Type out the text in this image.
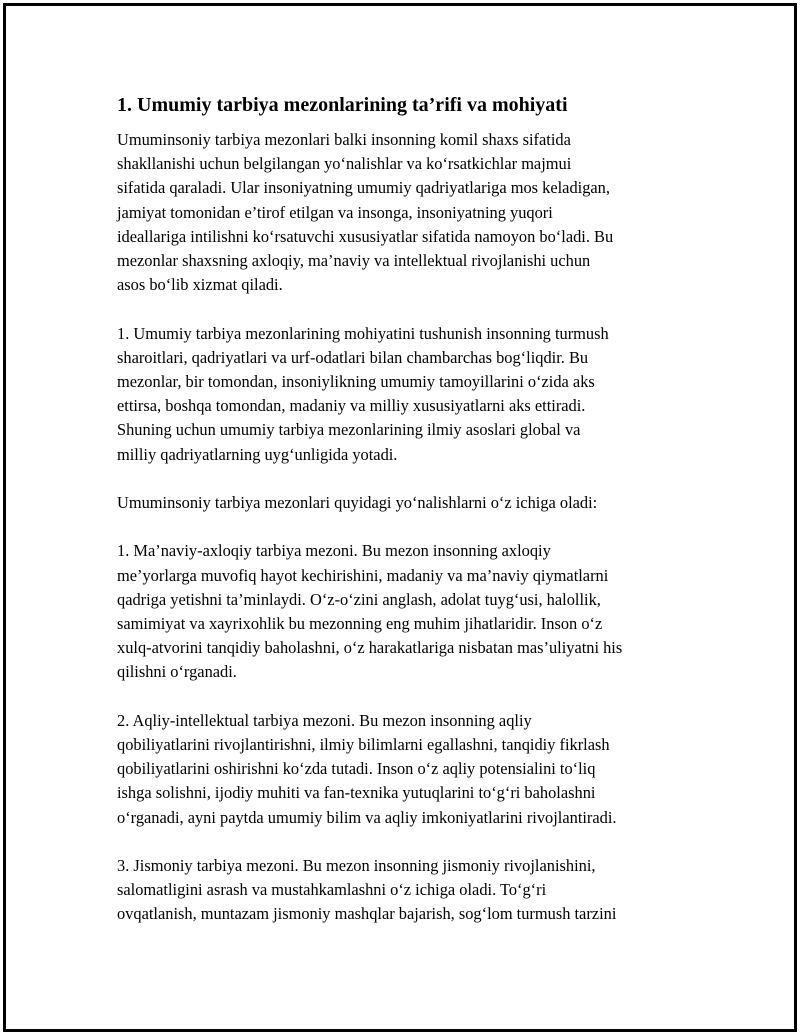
1. Umumiy tarbiya mezonlarining ta’rifi va mohiyati

Umuminsoniy tarbiya mezonlari balki insonning komil shaxs sifatida
shakllanishi uchun belgilangan yoʻnalishlar va koʻrsatkichlar majmui
sifatida qaraladi. Ular insoniyatning umumiy qadriyatlariga mos keladigan,
jamiyat tomonidan e’tirof etilgan va insonga, insoniyatning yuqori
ideallariga intilishni koʻrsatuvchi xususiyatlar sifatida namoyon boʻladi. Bu
mezonlar shaxsning axloqiy, ma’naviy va intellektual rivojlanishi uchun
asos boʻlib xizmat qiladi.

1. Umumiy tarbiya mezonlarining mohiyatini tushunish insonning turmush
sharoitlari, qadriyatlari va urf-odatlari bilan chambarchas bogʻliqdir. Bu
mezonlar, bir tomondan, insoniylikning umumiy tamoyillarini oʻzida aks
ettirsa, boshqa tomondan, madaniy va milliy xususiyatlarni aks ettiradi.
Shuning uchun umumiy tarbiya mezonlarining ilmiy asoslari global va
milliy qadriyatlarning uygʻunligida yotadi.

Umuminsoniy tarbiya mezonlari quyidagi yoʻnalishlarni oʻz ichiga oladi:

1. Ma’naviy-axloqiy tarbiya mezoni. Bu mezon insonning axloqiy
me’yorlarga muvofiq hayot kechirishini, madaniy va ma’naviy qiymatlarni
qadriga yetishni ta’minlaydi. Oʻz-oʻzini anglash, adolat tuygʻusi, halollik,
samimiyat va xayrixohlik bu mezonning eng muhim jihatlaridir. Inson oʻz
xulq-atvorini tanqidiy baholashni, oʻz harakatlariga nisbatan mas’uliyatni his
qilishni oʻrganadi.

2. Aqliy-intellektual tarbiya mezoni. Bu mezon insonning aqliy
qobiliyatlarini rivojlantirishni, ilmiy bilimlarni egallashni, tanqidiy fikrlash
qobiliyatlarini oshirishni koʻzda tutadi. Inson oʻz aqliy potensialini toʻliq
ishga solishni, ijodiy muhiti va fan-texnika yutuqlarini toʻgʻri baholashni
oʻrganadi, ayni paytda umumiy bilim va aqliy imkoniyatlarini rivojlantiradi.

3. Jismoniy tarbiya mezoni. Bu mezon insonning jismoniy rivojlanishini,
salomatligini asrash va mustahkamlashni oʻz ichiga oladi. Toʻgʻri
ovqatlanish, muntazam jismoniy mashqlar bajarish, sogʻlom turmush tarzini
